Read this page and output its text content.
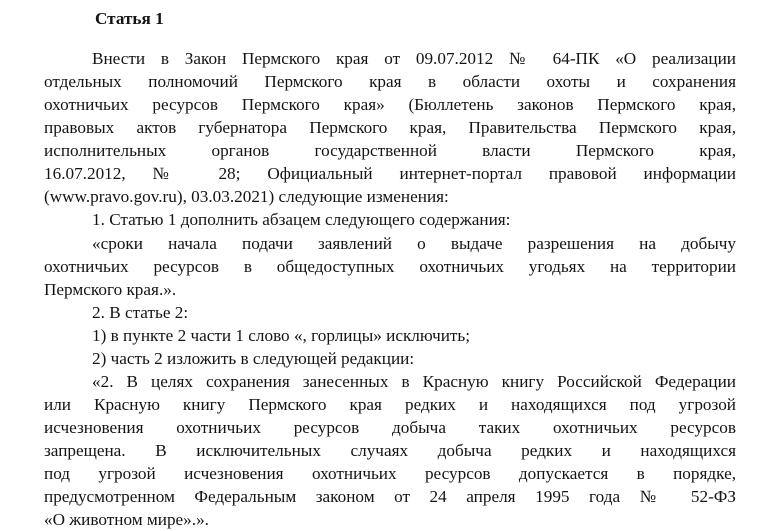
Статья 1
Внести в Закон Пермского края от 09.07.2012 № 64-ПК «О реализации
отдельных полномочий Пермского края в области охоты и сохранения
охотничьих ресурсов Пермского края» (Бюллетень законов Пермского края,
правовых актов губернатора Пермского края, Правительства Пермского края,
исполнительных органов государственной власти Пермского края,
16.07.2012, № 28; Официальный интернет-портал правовой информации
(www.pravo.gov.ru), 03.03.2021) следующие изменения:
1. Статью 1 дополнить абзацем следующего содержания:
«сроки начала подачи заявлений о выдаче разрешения на добычу
охотничьих ресурсов в общедоступных охотничьих угодьях на территории
Пермского края.».
2. В статье 2:
1) в пункте 2 части 1 слово «, горлицы» исключить;
2) часть 2 изложить в следующей редакции:
«2. В целях сохранения занесенных в Красную книгу Российской Федерации
или Красную книгу Пермского края редких и находящихся под угрозой
исчезновения охотничьих ресурсов добыча таких охотничьих ресурсов
запрещена. В исключительных случаях добыча редких и находящихся
под угрозой исчезновения охотничьих ресурсов допускается в порядке,
предусмотренном Федеральным законом от 24 апреля 1995 года № 52-ФЗ
«О животном мире».».
